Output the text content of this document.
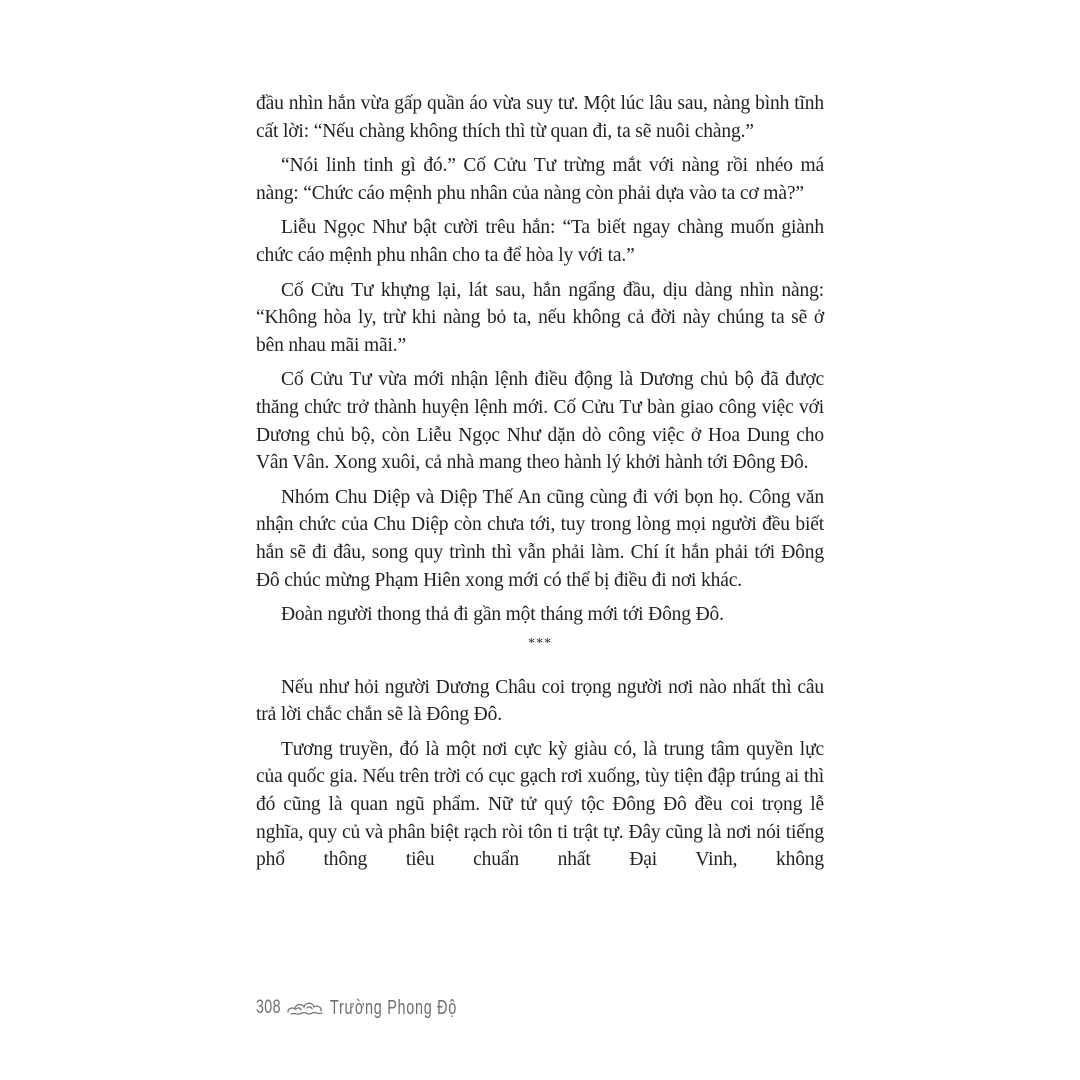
đầu nhìn hắn vừa gấp quần áo vừa suy tư. Một lúc lâu sau, nàng bình tĩnh cất lời: “Nếu chàng không thích thì từ quan đi, ta sẽ nuôi chàng.”

“Nói linh tinh gì đó.” Cố Cửu Tư trừng mắt với nàng rồi nhéo má nàng: “Chức cáo mệnh phu nhân của nàng còn phải dựa vào ta cơ mà?”

Liễu Ngọc Như bật cười trêu hắn: “Ta biết ngay chàng muốn giành chức cáo mệnh phu nhân cho ta để hòa ly với ta.”

Cố Cửu Tư khựng lại, lát sau, hắn ngẩng đầu, dịu dàng nhìn nàng: “Không hòa ly, trừ khi nàng bỏ ta, nếu không cả đời này chúng ta sẽ ở bên nhau mãi mãi.”

Cố Cửu Tư vừa mới nhận lệnh điều động là Dương chủ bộ đã được thăng chức trở thành huyện lệnh mới. Cố Cửu Tư bàn giao công việc với Dương chủ bộ, còn Liễu Ngọc Như dặn dò công việc ở Hoa Dung cho Vân Vân. Xong xuôi, cả nhà mang theo hành lý khởi hành tới Đông Đô.

Nhóm Chu Diệp và Diệp Thế An cũng cùng đi với bọn họ. Công văn nhận chức của Chu Diệp còn chưa tới, tuy trong lòng mọi người đều biết hắn sẽ đi đâu, song quy trình thì vẫn phải làm. Chí ít hắn phải tới Đông Đô chúc mừng Phạm Hiên xong mới có thể bị điều đi nơi khác.

Đoàn người thong thả đi gần một tháng mới tới Đông Đô.

***

Nếu như hỏi người Dương Châu coi trọng người nơi nào nhất thì câu trả lời chắc chắn sẽ là Đông Đô.

Tương truyền, đó là một nơi cực kỳ giàu có, là trung tâm quyền lực của quốc gia. Nếu trên trời có cục gạch rơi xuống, tùy tiện đập trúng ai thì đó cũng là quan ngũ phẩm. Nữ tử quý tộc Đông Đô đều coi trọng lễ nghĩa, quy củ và phân biệt rạch ròi tôn ti trật tự. Đây cũng là nơi nói tiếng phổ thông tiêu chuẩn nhất Đại Vinh, không

308 Trường Phong Độ
